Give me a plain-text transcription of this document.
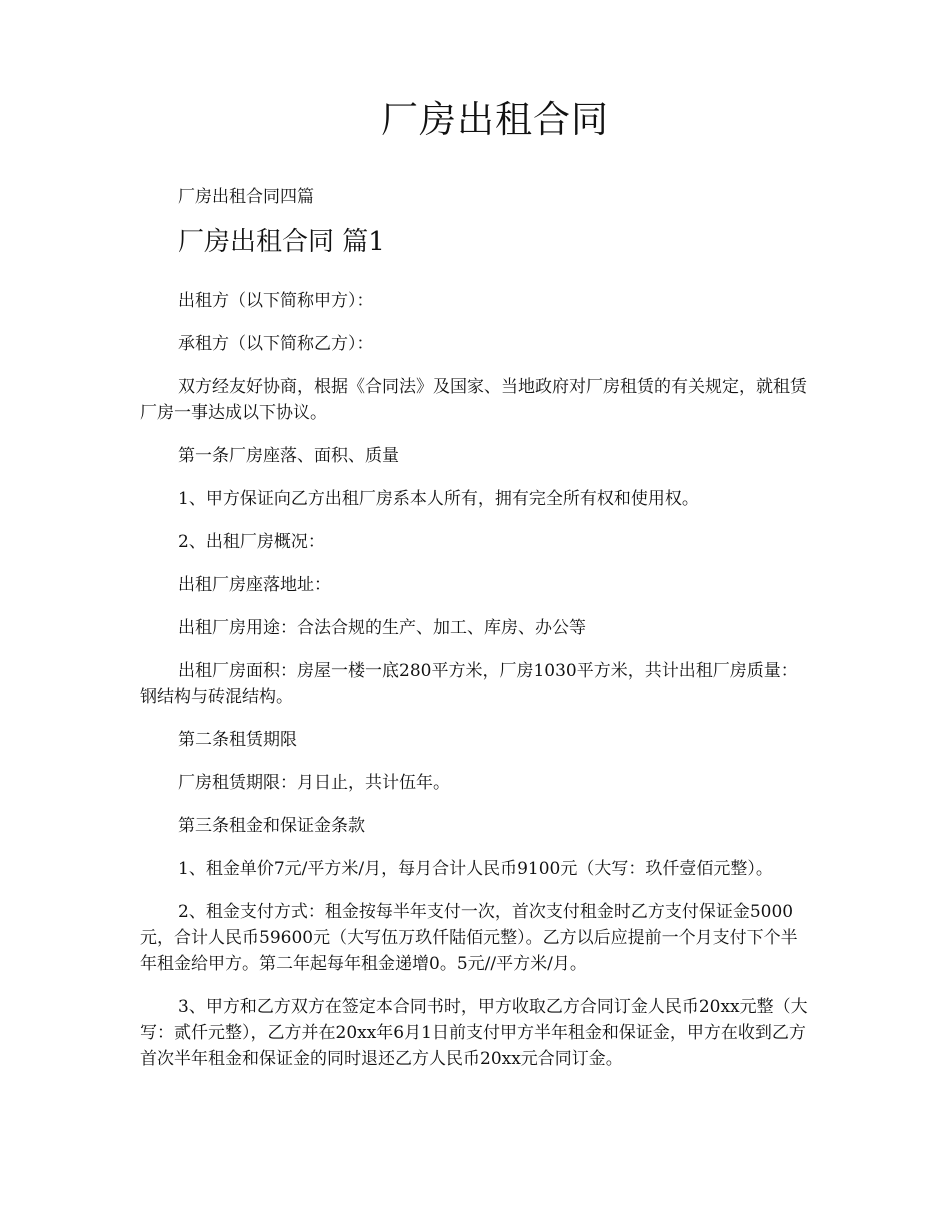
厂房出租合同

厂房出租合同四篇

厂房出租合同 篇1

出租方（以下简称甲方）：

承租方（以下简称乙方）：

双方经友好协商，根据《合同法》及国家、当地政府对厂房租赁的有关规定，就租赁厂房一事达成以下协议。

第一条厂房座落、面积、质量

1、甲方保证向乙方出租厂房系本人所有，拥有完全所有权和使用权。

2、出租厂房概况：

出租厂房座落地址：

出租厂房用途：合法合规的生产、加工、库房、办公等

出租厂房面积：房屋一楼一底280平方米，厂房1030平方米，共计出租厂房质量：钢结构与砖混结构。

第二条租赁期限

厂房租赁期限：月日止，共计伍年。

第三条租金和保证金条款

1、租金单价7元/平方米/月，每月合计人民币9100元（大写：玖仟壹佰元整）。

2、租金支付方式：租金按每半年支付一次，首次支付租金时乙方支付保证金5000元，合计人民币59600元（大写伍万玖仟陆佰元整）。乙方以后应提前一个月支付下个半年租金给甲方。第二年起每年租金递增0。5元//平方米/月。

3、甲方和乙方双方在签定本合同书时，甲方收取乙方合同订金人民币20xx元整（大写：贰仟元整），乙方并在20xx年6月1日前支付甲方半年租金和保证金，甲方在收到乙方首次半年租金和保证金的同时退还乙方人民币20xx元合同订金。
